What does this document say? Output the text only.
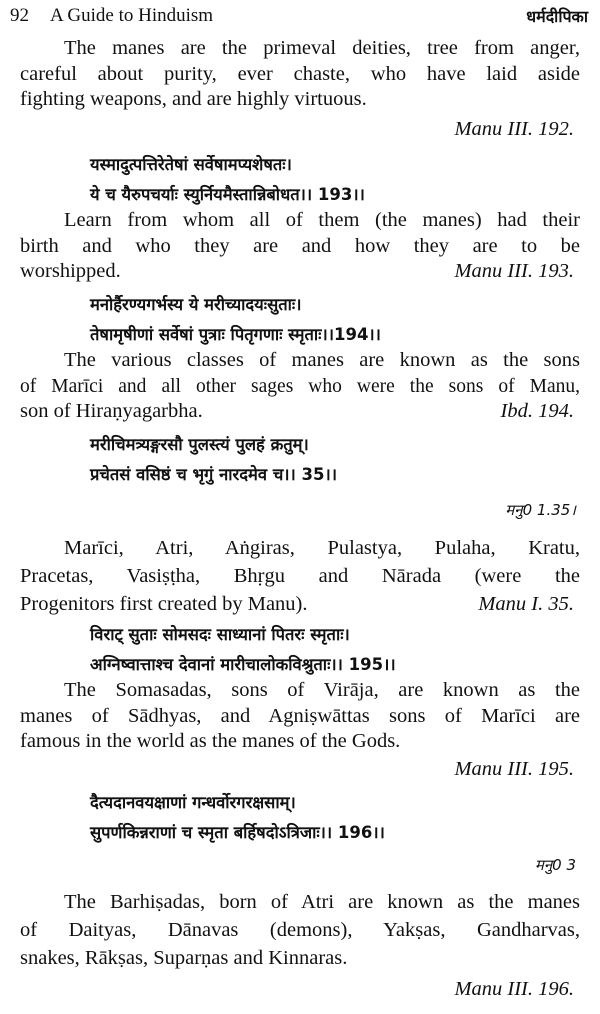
92 A Guide to Hinduism	धर्मदीपिका
The manes are the primeval deities, tree from anger,
careful about purity, ever chaste, who have laid aside
fighting weapons, and are highly virtuous.
Manu III. 192.
यस्मादुत्पत्तिरेतेषां सर्वेषामप्यशेषतः।
ये च यैरुपचर्याः स्युर्नियमैस्तान्निबोधत।। 193।।
Learn from whom all of them (the manes) had their
birth and who they are and how they are to be
worshipped.	Manu III. 193.
मनोर्हैरण्यगर्भस्य ये मरीच्यादयःसुताः।
तेषामृषीणां सर्वेषां पुत्राः पितृगणाः स्मृताः।।194।।
The various classes of manes are known as the sons
of Marīci and all other sages who were the sons of Manu,
son of Hiraṇyagarbha.	Ibd. 194.
मरीचिमत्र्यङ्गरसौ पुलस्त्यं पुलहं क्रतुम्।
प्रचेतसं वसिष्ठं च भृगुं नारदमेव च।। 35।।
मनु0 1.35।
Marīci, Atri, Aṅgiras, Pulastya, Pulaha, Kratu,
Pracetas, Vasiṣṭha, Bhṛgu and Nārada (were the
Progenitors first created by Manu).	Manu I. 35.
विराट् सुताः सोमसदः साध्यानां पितरः स्मृताः।
अग्निष्वात्ताश्च देवानां मारीचालोकविश्रुताः।। 195।।
The Somasadas, sons of Virāja, are known as the
manes of Sādhyas, and Agniṣwāttas sons of Marīci are
famous in the world as the manes of the Gods.
Manu III. 195.
दैत्यदानवयक्षाणां गन्धर्वोरगरक्षसाम्।
सुपर्णकिन्नराणां च स्मृता बर्हिषदोऽत्रिजाः।। 196।।
मनु0 3
The Barhiṣadas, born of Atri are known as the manes
of Daityas, Dānavas (demons), Yakṣas, Gandharvas,
snakes, Rākṣas, Suparṇas and Kinnaras.
Manu III. 196.
